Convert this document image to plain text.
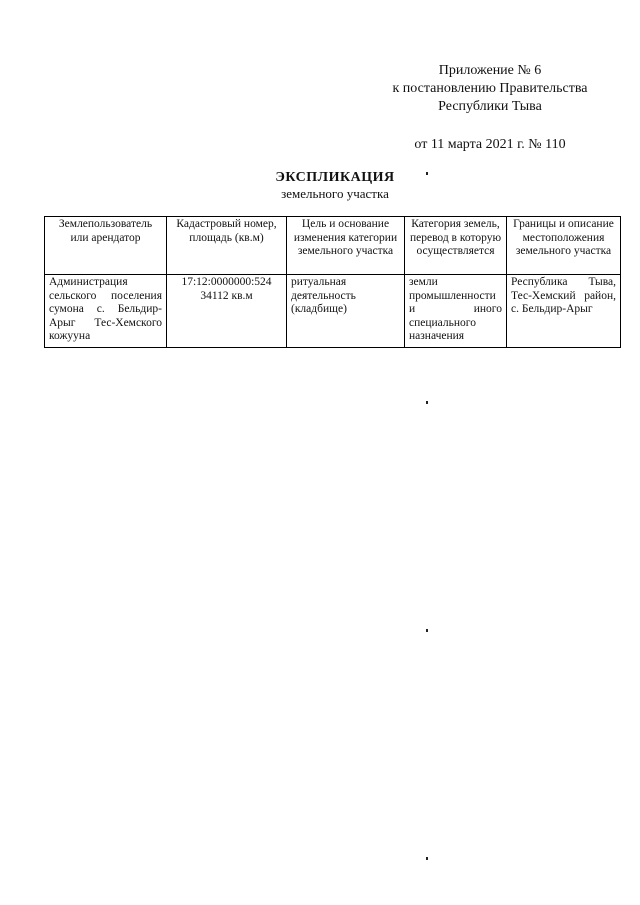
Приложение № 6
к постановлению Правительства
Республики Тыва
от 11 марта 2021 г. № 110
ЭКСПЛИКАЦИЯ
земельного участка
Землепользователь или арендатор	Кадастровый номер, площадь (кв.м)	Цель и основание изменения категории земельного участка	Категория земель, перевод в которую осуществляется	Границы и описание местоположения земельного участка
Администрация сельского поселения сумона с. Бельдир-Арыг Тес-Хемского кожууна	17:12:0000000:524 34112 кв.м	ритуальная деятельность (кладбище)	земли промышленности и иного специального назначения	Республика Тыва, Тес-Хемский район, с. Бельдир-Арыг
